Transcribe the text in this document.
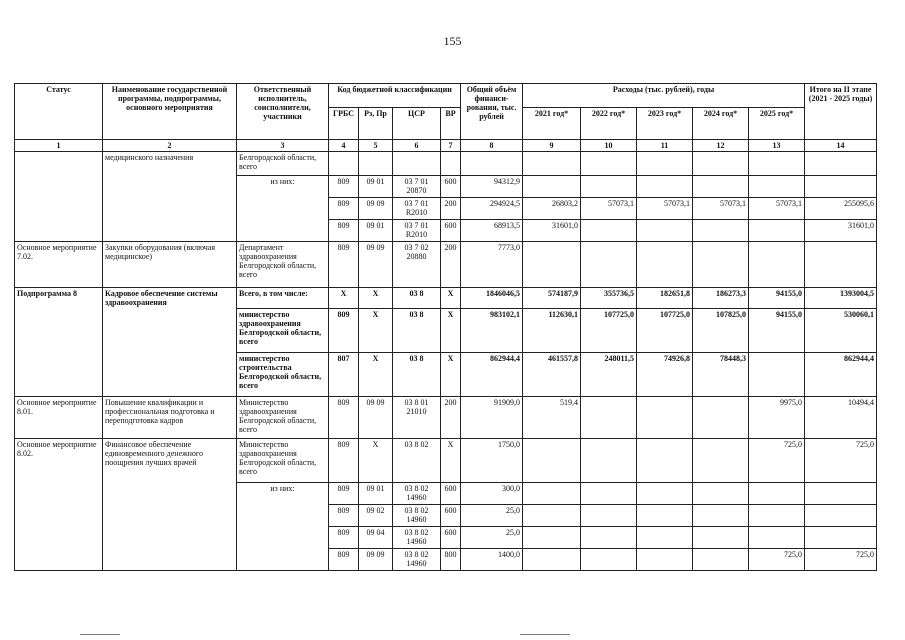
155
Статус	Наименование государственной программы, подпрограммы, основного мероприятия	Ответственный исполнитель, соисполнители, участники	Код бюджетной классификации				Общий объём финанси-рования, тыс. рублей	Расходы (тыс. рублей), годы					Итого на II этапе (2021 - 2025 годы)
			ГРБС	Рз, Пр	ЦСР	ВР		2021 год*	2022 год*	2023 год*	2024 год*	2025 год*	
1	2	3	4	5	6	7	8	9	10	11	12	13	14
	медицинского назначения	Белгородской области, всего											
		из них:	809	09 01	03 7 01 20870	600	94312,9						
			809	09 09	03 7 01 R2010	200	294924,5	26803,2	57073,1	57073,1	57073,1	57073,1	255095,6
			809	09 01	03 7 01 R2010	600	68913,5	31601,0					31601,0
Основное мероприятие 7.02.	Закупки оборудования (включая медицинское)	Департамент здравоохранения Белгородской области, всего	809	09 09	03 7 02 20880	200	7773,0						
Подпрограмма 8	Кадровое обеспечение системы здравоохранения	Всего, в том числе:	X	X	03 8	X	1846046,5	574187,9	355736,5	182651,8	186273,3	94155,0	1393004,5
		министерство здравоохранения Белгородской области, всего	809	X	03 8	X	983102,1	112630,1	107725,0	107725,0	107825,0	94155,0	530060,1
		министерство строительства Белгородской области, всего	807	X	03 8	X	862944,4	461557,8	248011,5	74926,8	78448,3		862944,4
Основное мероприятие 8.01.	Повышение квалификации и профессиональная подготовка и переподготовка кадров	Министерство здравоохранения Белгородской области, всего	809	09 09	03 8 01 21010	200	91909,0	519,4				9975,0	10494,4
Основное мероприятие 8.02.	Финансовое обеспечение единовременного денежного поощрения лучших врачей	Министерство здравоохранения Белгородской области, всего	809	X	03 8 02	X	1750,0					725,0	725,0
		из них:	809	09 01	03 8 02 14960	600	300,0						
			809	09 02	03 8 02 14960	600	25,0						
			809	09 04	03 8 02 14960	600	25,0						
			809	09 09	03 8 02 14960	800	1400,0					725,0	725,0
